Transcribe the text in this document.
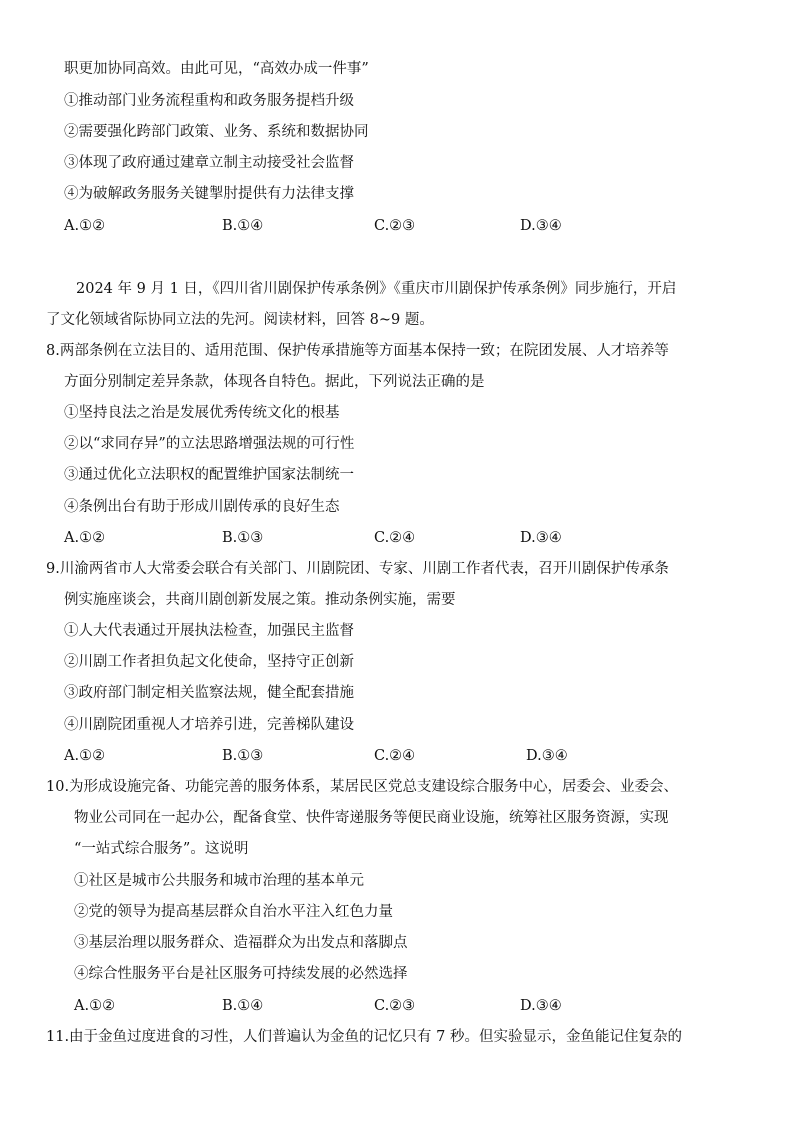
职更加协同高效。由此可见，“高效办成一件事”
①推动部门业务流程重构和政务服务提档升级
②需要强化跨部门政策、业务、系统和数据协同
③体现了政府通过建章立制主动接受社会监督
④为破解政务服务关键掣肘提供有力法律支撑
A.①②	B.①④	C.②③	D.③④
2024 年 9 月 1 日，《四川省川剧保护传承条例》《重庆市川剧保护传承条例》同步施行，开启
了文化领域省际协同立法的先河。阅读材料，回答 8~9 题。
8.两部条例在立法目的、适用范围、保护传承措施等方面基本保持一致；在院团发展、人才培养等
方面分别制定差异条款，体现各自特色。据此，下列说法正确的是
①坚持良法之治是发展优秀传统文化的根基
②以“求同存异”的立法思路增强法规的可行性
③通过优化立法职权的配置维护国家法制统一
④条例出台有助于形成川剧传承的良好生态
A.①②	B.①③	C.②④	D.③④
9.川渝两省市人大常委会联合有关部门、川剧院团、专家、川剧工作者代表，召开川剧保护传承条
例实施座谈会，共商川剧创新发展之策。推动条例实施，需要
①人大代表通过开展执法检查，加强民主监督
②川剧工作者担负起文化使命，坚持守正创新
③政府部门制定相关监察法规，健全配套措施
④川剧院团重视人才培养引进，完善梯队建设
A.①②	B.①③	C.②④	D.③④
10.为形成设施完备、功能完善的服务体系，某居民区党总支建设综合服务中心，居委会、业委会、
物业公司同在一起办公，配备食堂、快件寄递服务等便民商业设施，统筹社区服务资源，实现
“一站式综合服务”。这说明
①社区是城市公共服务和城市治理的基本单元
②党的领导为提高基层群众自治水平注入红色力量
③基层治理以服务群众、造福群众为出发点和落脚点
④综合性服务平台是社区服务可持续发展的必然选择
A.①②	B.①④	C.②③	D.③④
11.由于金鱼过度进食的习性，人们普遍认为金鱼的记忆只有 7 秒。但实验显示，金鱼能记住复杂的
